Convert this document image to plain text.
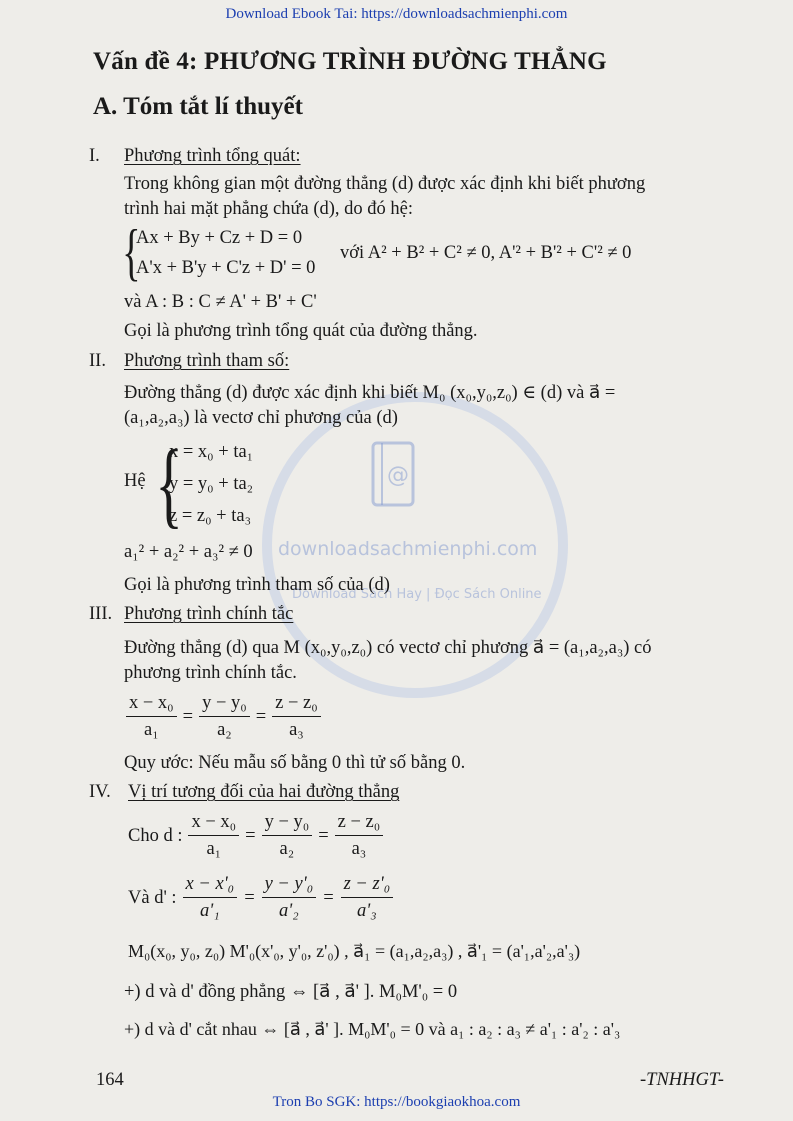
@
downloadsachmienphi.com
Download Sách Hay | Đọc Sách Online
Download Ebook Tai: https://downloadsachmienphi.com
Tron Bo SGK: https://bookgiaokhoa.com
Vấn đề 4: PHƯƠNG TRÌNH ĐƯỜNG THẲNG
A. Tóm tắt lí thuyết
I. Phương trình tổng quát:
Trong không gian một đường thẳng (d) được xác định khi biết phương
trình hai mặt phẳng chứa (d), do đó hệ:
{
Ax + By + Cz + D = 0
A'x + B'y + C'z + D' = 0
với A² + B² + C² ≠ 0, A'² + B'² + C'² ≠ 0
và A : B : C ≠ A' + B' + C'
Gọi là phương trình tổng quát của đường thẳng.
II. Phương trình tham số:
Đường thẳng (d) được xác định khi biết M₀ (x₀,y₀,z₀) ∈ (d) và a⃗ =
(a₁,a₂,a₃) là vectơ chỉ phương của (d)
Hệ {
x = x₀ + ta₁
y = y₀ + ta₂
z = z₀ + ta₃
a₁² + a₂² + a₃² ≠ 0
Gọi là phương trình tham số của (d)
III. Phương trình chính tắc
Đường thẳng (d) qua M (x₀,y₀,z₀) có vectơ chỉ phương a⃗ = (a₁,a₂,a₃) có
phương trình chính tắc.
$\frac{\text{x − x₀}}{\text{a₁}} = \frac{\text{y − y₀}}{\text{a₂}} = \frac{\text{z − z₀}}{\text{a₃}}$
Quy ước: Nếu mẫu số bằng 0 thì tử số bằng 0.
IV. Vị trí tương đối của hai đường thẳng
Cho d : $\frac{\text{x − x₀}}{\text{a₁}} = \frac{\text{y − y₀}}{\text{a₂}} = \frac{\text{z − z₀}}{\text{a₃}}$
Và d' : $\frac{\text{x − x'₀}}{\text{a'₁}} = \frac{\text{y − y'₀}}{\text{a'₂}} = \frac{\text{z − z'₀}}{\text{a'₃}}$
M₀(x₀, y₀, z₀) M'₀(x'₀, y'₀, z'₀) , a⃗₁ = (a₁,a₂,a₃) , a⃗'₁ = (a'₁,a'₂,a'₃)
+) d và d' đồng phẳng ⇔ [a⃗ , a⃗' ]. M₀M'₀ = 0
+) d và d' cắt nhau ⇔ [a⃗ , a⃗' ]. M₀M'₀ = 0 và a₁ : a₂ : a₃ ≠ a'₁ : a'₂ : a'₃
164	-TNHHGT-
